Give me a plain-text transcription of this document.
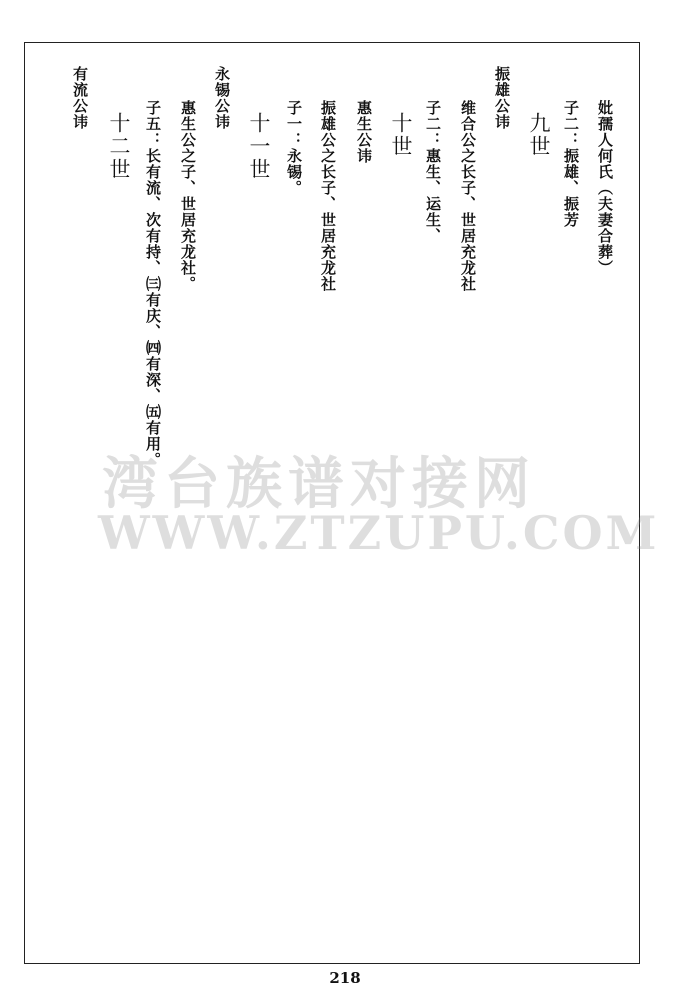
妣孺人何氏（夫妻合葬）
子二：振雄、振芳
九世
振雄公讳
维合公之长子、世居充龙社
子二：惠生、运生、
十世
惠生公讳
振雄公之长子、世居充龙社
子一：永锡。
十一世
永锡公讳
惠生公之子、世居充龙社。
子五：长有流、次有持、㈢有庆、㈣有深、㈤有用。
十二世
有流公讳
湾台族谱对接网
WWW.ZTZUPU.COM
218
